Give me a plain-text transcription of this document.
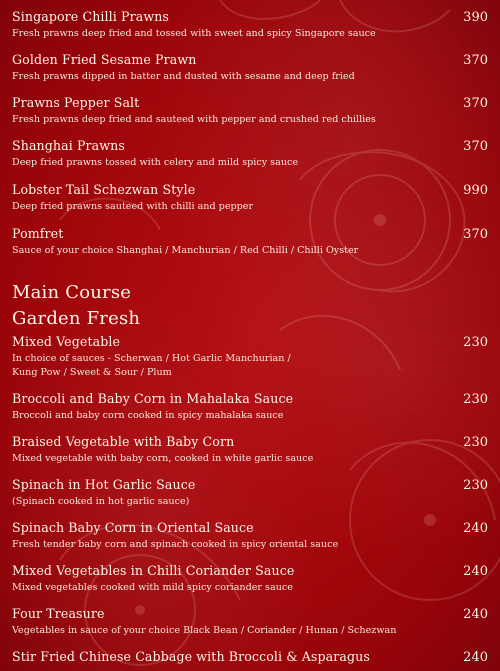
Singapore Chilli Prawns	390
Fresh prawns deep fried and tossed with sweet and spicy Singapore sauce
Golden Fried Sesame Prawn	370
Fresh prawns dipped in batter and dusted with sesame and deep fried
Prawns Pepper Salt	370
Fresh prawns deep fried and sauteed with pepper and crushed red chillies
Shanghai Prawns	370
Deep fried prawns tossed with celery and mild spicy sauce
Lobster Tail Schezwan Style	990
Deep fried prawns sauteed with chilli and pepper
Pomfret	370
Sauce of your choice Shanghai / Manchurian / Red Chilli / Chilli Oyster
Main Course
Garden Fresh
Mixed Vegetable	230
In choice of sauces - Scherwan / Hot Garlic Manchurian /
Kung Pow / Sweet & Sour / Plum
Broccoli and Baby Corn in Mahalaka Sauce	230
Broccoli and baby corn cooked in spicy mahalaka sauce
Braised Vegetable with Baby Corn	230
Mixed vegetable with baby corn, cooked in white garlic sauce
Spinach in Hot Garlic Sauce	230
(Spinach cooked in hot garlic sauce)
Spinach Baby Corn in Oriental Sauce	240
Fresh tender baby corn and spinach cooked in spicy oriental sauce
Mixed Vegetables in Chilli Coriander Sauce	240
Mixed vegetables cooked with mild spicy coriander sauce
Four Treasure	240
Vegetables in sauce of your choice Black Bean / Coriander / Hunan / Schezwan
Stir Fried Chinese Cabbage with Broccoli & Asparagus	240
